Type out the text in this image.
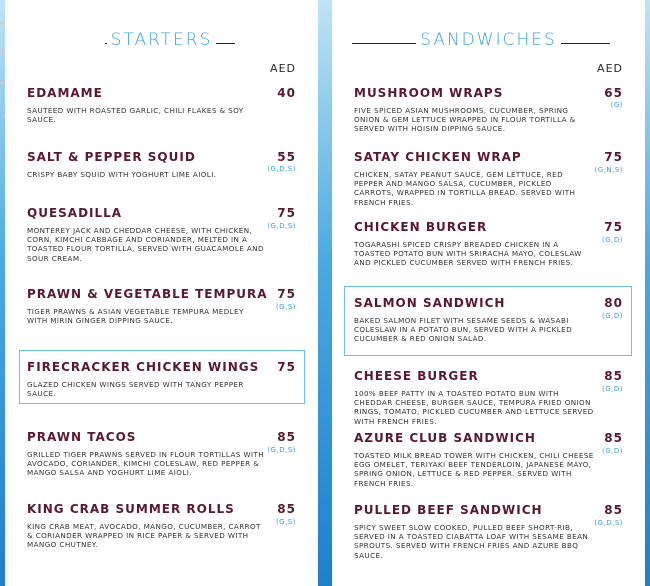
STARTERS
AED
EDAMAME	40
SAUTÉED WITH ROASTED GARLIC, CHILI FLAKES & SOY SAUCE.
SALT & PEPPER SQUID	55
(G,D,S)
CRISPY BABY SQUID WITH YOGHURT LIME AIOLI.
QUESADILLA	75
(G,D,S)
MONTEREY JACK AND CHEDDAR CHEESE, WITH CHICKEN, CORN, KIMCHI CABBAGE AND CORIANDER, MELTED IN A TOASTED FLOUR TORTILLA, SERVED WITH GUACAMOLE AND SOUR CREAM.
PRAWN & VEGETABLE TEMPURA 75
(G,S)
TIGER PRAWNS & ASIAN VEGETABLE TEMPURA MEDLEY WITH MIRIN GINGER DIPPING SAUCE.
FIRECRACKER CHICKEN WINGS	75
GLAZED CHICKEN WINGS SERVED WITH TANGY PEPPER SAUCE.
PRAWN TACOS	85
(G,D,S)
GRILLED TIGER PRAWNS SERVED IN FLOUR TORTILLAS WITH AVOCADO, CORIANDER, KIMCHI COLESLAW, RED PEPPER & MANGO SALSA AND YOGHURT LIME AIOLI.
KING CRAB SUMMER ROLLS	85
(G,S)
KING CRAB MEAT, AVOCADO, MANGO, CUCUMBER, CARROT & CORIANDER WRAPPED IN RICE PAPER & SERVED WITH MANGO CHUTNEY.
SANDWICHES
AED
MUSHROOM WRAPS	65
(G)
FIVE SPICED ASIAN MUSHROOMS, CUCUMBER, SPRING ONION & GEM LETTUCE WRAPPED IN FLOUR TORTILLA & SERVED WITH HOISIN DIPPING SAUCE.
SATAY CHICKEN WRAP	75
(G,N,S)
CHICKEN, SATAY PEANUT SAUCE, GEM LETTUCE, RED PEPPER AND MANGO SALSA, CUCUMBER, PICKLED CARROTS, WRAPPED IN TORTILLA BREAD. SERVED WITH FRENCH FRIES.
CHICKEN BURGER	75
(G,D)
TOGARASHI SPICED CRISPY BREADED CHICKEN IN A TOASTED POTATO BUN WITH SRIRACHA MAYO, COLESLAW AND PICKLED CUCUMBER SERVED WITH FRENCH FRIES.
SALMON SANDWICH	80
(G,D)
BAKED SALMON FILET WITH SESAME SEEDS & WASABI COLESLAW IN A POTATO BUN, SERVED WITH A PICKLED CUCUMBER & RED ONION SALAD.
CHEESE BURGER	85
(G,D)
100% BEEF PATTY IN A TOASTED POTATO BUN WITH CHEDDAR CHEESE, BURGER SAUCE, TEMPURA FRIED ONION RINGS, TOMATO, PICKLED CUCUMBER AND LETTUCE SERVED WITH FRENCH FRIES.
AZURE CLUB SANDWICH	85
(G,D)
TOASTED MILK BREAD TOWER WITH CHICKEN, CHILI CHEESE EGG OMELET, TERIYAKI BEEF TENDERLOIN, JAPANESE MAYO, SPRING ONION, LETTUCE & RED PEPPER. SERVED WITH FRENCH FRIES.
PULLED BEEF SANDWICH	85
(G,D,S)
SPICY SWEET SLOW COOKED, PULLED BEEF SHORT-RIB, SERVED IN A TOASTED CIABATTA LOAF WITH SESAME BEAN SPROUTS. SERVED WITH FRENCH FRIES AND AZURE BBQ SAUCE.
